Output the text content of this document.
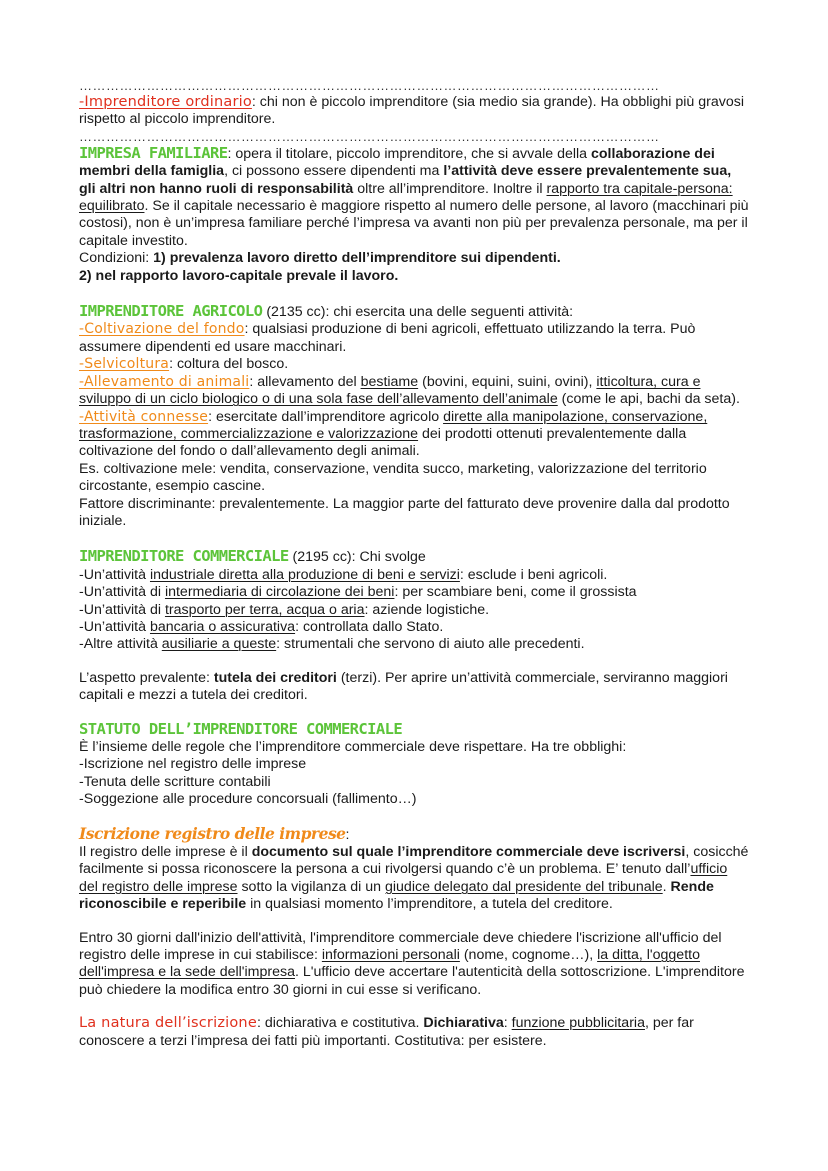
…………………………………………………………………………………………………………………

-Imprenditore ordinario: chi non è piccolo imprenditore (sia medio sia grande). Ha obblighi più gravosi rispetto al piccolo imprenditore.

…………………………………………………………………………………………………………………

IMPRESA FAMILIARE: opera il titolare, piccolo imprenditore, che si avvale della collaborazione dei membri della famiglia, ci possono essere dipendenti ma l’attività deve essere prevalentemente sua, gli altri non hanno ruoli di responsabilità oltre all’imprenditore. Inoltre il rapporto tra capitale-persona: equilibrato. Se il capitale necessario è maggiore rispetto al numero delle persone, al lavoro (macchinari più costosi), non è un’impresa familiare perché l’impresa va avanti non più per prevalenza personale, ma per il capitale investito.

Condizioni: 1) prevalenza lavoro diretto dell’imprenditore sui dipendenti.

2) nel rapporto lavoro-capitale prevale il lavoro.

IMPRENDITORE AGRICOLO (2135 cc): chi esercita una delle seguenti attività:

-Coltivazione del fondo: qualsiasi produzione di beni agricoli, effettuato utilizzando la terra. Può assumere dipendenti ed usare macchinari.

-Selvicoltura: coltura del bosco.

-Allevamento di animali: allevamento del bestiame (bovini, equini, suini, ovini), itticoltura, cura e sviluppo di un ciclo biologico o di una sola fase dell’allevamento dell’animale (come le api, bachi da seta).

-Attività connesse: esercitate dall’imprenditore agricolo dirette alla manipolazione, conservazione, trasformazione, commercializzazione e valorizzazione dei prodotti ottenuti prevalentemente dalla coltivazione del fondo o dall’allevamento degli animali.

Es. coltivazione mele: vendita, conservazione, vendita succo, marketing, valorizzazione del territorio circostante, esempio cascine.

Fattore discriminante: prevalentemente. La maggior parte del fatturato deve provenire dalla dal prodotto iniziale.

IMPRENDITORE COMMERCIALE (2195 cc): Chi svolge

-Un’attività industriale diretta alla produzione di beni e servizi: esclude i beni agricoli.

-Un’attività di intermediaria di circolazione dei beni: per scambiare beni, come il grossista

-Un’attività di trasporto per terra, acqua o aria: aziende logistiche.

-Un’attività bancaria o assicurativa: controllata dallo Stato.

-Altre attività ausiliarie a queste: strumentali che servono di aiuto alle precedenti.

L’aspetto prevalente: tutela dei creditori (terzi). Per aprire un’attività commerciale, serviranno maggiori capitali e mezzi a tutela dei creditori.

STATUTO DELL’IMPRENDITORE COMMERCIALE

È l’insieme delle regole che l’imprenditore commerciale deve rispettare. Ha tre obblighi:

-Iscrizione nel registro delle imprese

-Tenuta delle scritture contabili

-Soggezione alle procedure concorsuali (fallimento…)

Iscrizione registro delle imprese:

Il registro delle imprese è il documento sul quale l’imprenditore commerciale deve iscriversi, cosicché facilmente si possa riconoscere la persona a cui rivolgersi quando c’è un problema. E’ tenuto dall’ufficio del registro delle imprese sotto la vigilanza di un giudice delegato dal presidente del tribunale. Rende riconoscibile e reperibile in qualsiasi momento l’imprenditore, a tutela del creditore.

Entro 30 giorni dall'inizio dell'attività, l'imprenditore commerciale deve chiedere l'iscrizione all'ufficio del registro delle imprese in cui stabilisce: informazioni personali (nome, cognome…), la ditta, l'oggetto dell'impresa e la sede dell'impresa. L'ufficio deve accertare l'autenticità della sottoscrizione. L'imprenditore può chiedere la modifica entro 30 giorni in cui esse si verificano.

La natura dell’iscrizione: dichiarativa e costitutiva. Dichiarativa: funzione pubblicitaria, per far conoscere a terzi l’impresa dei fatti più importanti. Costitutiva: per esistere.
